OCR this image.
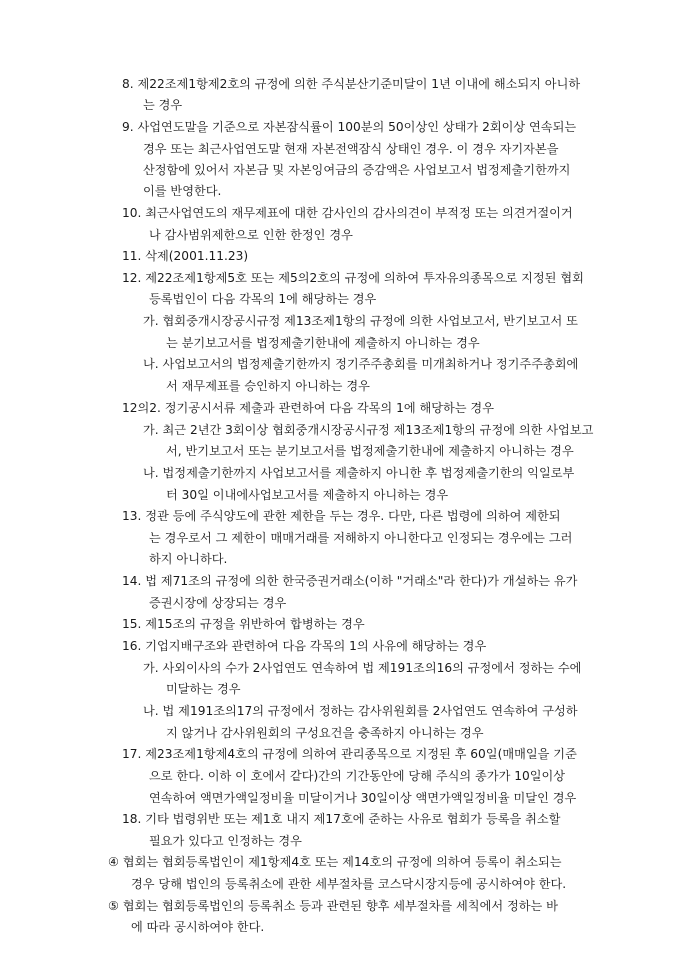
8. 제22조제1항제2호의 규정에 의한 주식분산기준미달이 1년 이내에 해소되지 아니하
는 경우
9. 사업연도말을 기준으로 자본잠식률이 100분의 50이상인 상태가 2회이상 연속되는
경우 또는 최근사업연도말 현재 자본전액잠식 상태인 경우. 이 경우 자기자본을
산정함에 있어서 자본금 및 자본잉여금의 증감액은 사업보고서 법정제출기한까지
이를 반영한다.
10. 최근사업연도의 재무제표에 대한 감사인의 감사의견이 부적정 또는 의견거절이거
나 감사범위제한으로 인한 한정인 경우
11. 삭제(2001.11.23)
12. 제22조제1항제5호 또는 제5의2호의 규정에 의하여 투자유의종목으로 지정된 협회
등록법인이 다음 각목의 1에 해당하는 경우
가. 협회중개시장공시규정 제13조제1항의 규정에 의한 사업보고서, 반기보고서 또
는 분기보고서를 법정제출기한내에 제출하지 아니하는 경우
나. 사업보고서의 법정제출기한까지 정기주주총회를 미개최하거나 정기주주총회에
서 재무제표를 승인하지 아니하는 경우
12의2. 정기공시서류 제출과 관련하여 다음 각목의 1에 해당하는 경우
가. 최근 2년간 3회이상 협회중개시장공시규정 제13조제1항의 규정에 의한 사업보고
서, 반기보고서 또는 분기보고서를 법정제출기한내에 제출하지 아니하는 경우
나. 법정제출기한까지 사업보고서를 제출하지 아니한 후 법정제출기한의 익일로부
터 30일 이내에사업보고서를 제출하지 아니하는 경우
13. 정관 등에 주식양도에 관한 제한을 두는 경우. 다만, 다른 법령에 의하여 제한되
는 경우로서 그 제한이 매매거래를 저해하지 아니한다고 인정되는 경우에는 그러
하지 아니하다.
14. 법 제71조의 규정에 의한 한국증권거래소(이하 "거래소"라 한다)가 개설하는 유가
증권시장에 상장되는 경우
15. 제15조의 규정을 위반하여 합병하는 경우
16. 기업지배구조와 관련하여 다음 각목의 1의 사유에 해당하는 경우
가. 사외이사의 수가 2사업연도 연속하여 법 제191조의16의 규정에서 정하는 수에
미달하는 경우
나. 법 제191조의17의 규정에서 정하는 감사위원회를 2사업연도 연속하여 구성하
지 않거나 감사위원회의 구성요건을 충족하지 아니하는 경우
17. 제23조제1항제4호의 규정에 의하여 관리종목으로 지정된 후 60일(매매일을 기준
으로 한다. 이하 이 호에서 같다)간의 기간동안에 당해 주식의 종가가 10일이상
연속하여 액면가액일정비율 미달이거나 30일이상 액면가액일정비율 미달인 경우
18. 기타 법령위반 또는 제1호 내지 제17호에 준하는 사유로 협회가 등록을 취소할
필요가 있다고 인정하는 경우
④ 협회는 협회등록법인이 제1항제4호 또는 제14호의 규정에 의하여 등록이 취소되는
경우 당해 법인의 등록취소에 관한 세부절차를 코스닥시장지등에 공시하여야 한다.
⑤ 협회는 협회등록법인의 등록취소 등과 관련된 향후 세부절차를 세칙에서 정하는 바
에 따라 공시하여야 한다.
